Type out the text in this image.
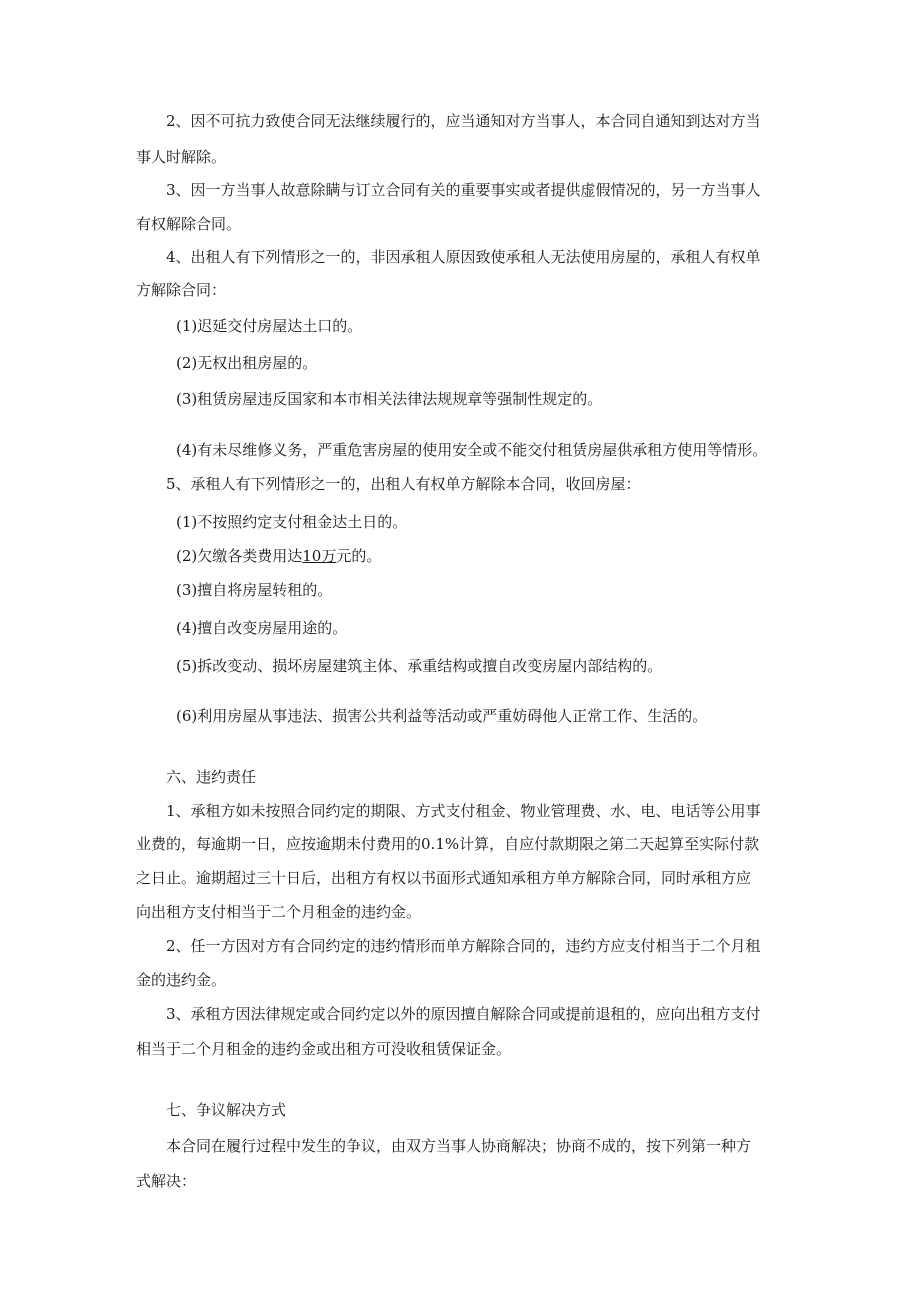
2、因不可抗力致使合同无法继续履行的，应当通知对方当事人，本合同自通知到达对方当
事人时解除。
3、因一方当事人故意除瞒与订立合同有关的重要事实或者提供虚假情况的，另一方当事人
有权解除合同。
4、出租人有下列情形之一的，非因承租人原因致使承租人无法使用房屋的，承租人有权单
方解除合同：
(1)迟延交付房屋达土口的。
(2)无权出租房屋的。
(3)租赁房屋违反国家和本市相关法律法规规章等强制性规定的。
(4)有未尽维修义务，严重危害房屋的使用安全或不能交付租赁房屋供承租方使用等情形。
5、承租人有下列情形之一的，出租人有权单方解除本合同，收回房屋：
(1)不按照约定支付租金达土日的。
(2)欠缴各类费用达10万元的。
(3)擅自将房屋转租的。
(4)擅自改变房屋用途的。
(5)拆改变动、损坏房屋建筑主体、承重结构或擅自改变房屋内部结构的。
(6)利用房屋从事违法、损害公共利益等活动或严重妨碍他人正常工作、生活的。
六、违约责任
1、承租方如未按照合同约定的期限、方式支付租金、物业管理费、水、电、电话等公用事
业费的，每逾期一日，应按逾期未付费用的0.1%计算，自应付款期限之第二天起算至实际付款
之日止。逾期超过三十日后，出租方有权以书面形式通知承租方单方解除合同，同时承租方应
向出租方支付相当于二个月租金的违约金。
2、任一方因对方有合同约定的违约情形而单方解除合同的，违约方应支付相当于二个月租
金的违约金。
3、承租方因法律规定或合同约定以外的原因擅自解除合同或提前退租的，应向出租方支付
相当于二个月租金的违约金或出租方可没收租赁保证金。
七、争议解决方式
本合同在履行过程中发生的争议，由双方当事人协商解决；协商不成的，按下列第一种方
式解决：
